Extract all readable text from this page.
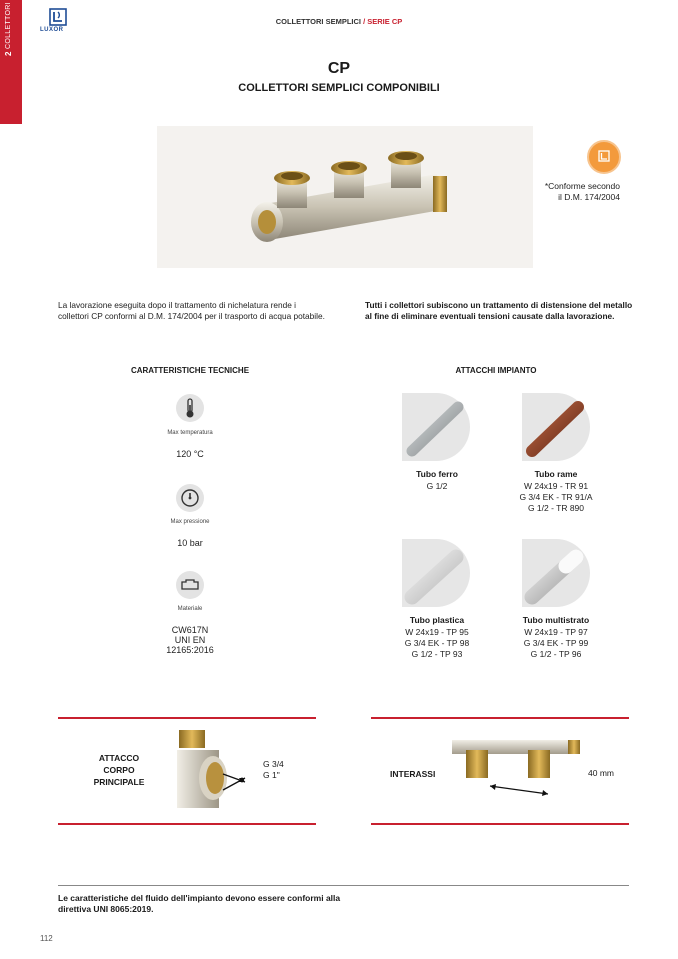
2 COLLETTORI	LUXOR
COLLETTORI SEMPLICI / SERIE CP
CP
COLLETTORI SEMPLICI COMPONIBILI
*Conforme secondo
il D.M. 174/2004
La lavorazione eseguita dopo il trattamento di nichelatura rende i collettori CP conformi al D.M. 174/2004 per il trasporto di acqua potabile.
Tutti i collettori subiscono un trattamento di distensione del metallo al fine di eliminare eventuali tensioni causate dalla lavorazione.
CARATTERISTICHE TECNICHE	ATTACCHI IMPIANTO
Max temperatura
120 °C
Max pressione
10 bar
Materiale
CW617N
UNI EN
12165:2016
Tubo ferro
G 1/2
Tubo rame
W 24x19 - TR 91
G 3/4 EK - TR 91/A
G 1/2 - TR 890
Tubo plastica
W 24x19 - TP 95
G 3/4 EK - TP 98
G 1/2 - TP 93
Tubo multistrato
W 24x19 - TP 97
G 3/4 EK - TP 99
G 1/2 - TP 96
ATTACCO
CORPO
PRINCIPALE
G 3/4
G 1"	INTERASSI	40 mm
Le caratteristiche del fluido dell'impianto devono essere conformi alla direttiva UNI 8065:2019.
112
